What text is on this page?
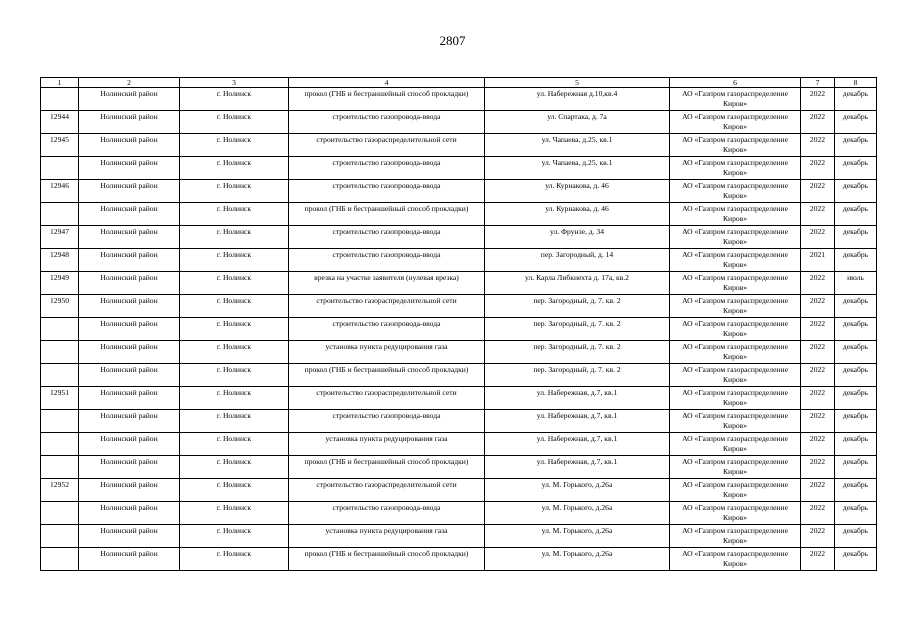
2807
1	2	3	4	5	6	7	8
	Нолинский район	г. Нолинск	прокол (ГНБ и бестраншейный способ прокладки)	ул. Набережная д.10,кв.4	АО «Газпром газораспределение Киров»	2022	декабрь
12944	Нолинский район	г. Нолинск	строительство газопровода-ввода	ул. Спартака, д. 7а	АО «Газпром газораспределение Киров»	2022	декабрь
12945	Нолинский район	г. Нолинск	строительство газораспределительной сети	ул. Чапаева, д.25, кв.1	АО «Газпром газораспределение Киров»	2022	декабрь
	Нолинский район	г. Нолинск	строительство газопровода-ввода	ул. Чапаева, д.25, кв.1	АО «Газпром газораспределение Киров»	2022	декабрь
12946	Нолинский район	г. Нолинск	строительство газопровода-ввода	ул. Курнакова, д. 46	АО «Газпром газораспределение Киров»	2022	декабрь
	Нолинский район	г. Нолинск	прокол (ГНБ и бестраншейный способ прокладки)	ул. Курнакова, д. 46	АО «Газпром газораспределение Киров»	2022	декабрь
12947	Нолинский район	г. Нолинск	строительство газопровода-ввода	ул. Фрунзе, д. 34	АО «Газпром газораспределение Киров»	2022	декабрь
12948	Нолинский район	г. Нолинск	строительство газопровода-ввода	пер. Загородный, д. 14	АО «Газпром газораспределение Киров»	2021	декабрь
12949	Нолинский район	г. Нолинск	врезка на участке заявителя (нулевая врезка)	ул. Карла Либкнехта д. 17а, кв.2	АО «Газпром газораспределение Киров»	2022	июль
12950	Нолинский район	г. Нолинск	строительство газораспределительной сети	пер. Загородный, д. 7. кв. 2	АО «Газпром газораспределение Киров»	2022	декабрь
	Нолинский район	г. Нолинск	строительство газопровода-ввода	пер. Загородный, д. 7. кв. 2	АО «Газпром газораспределение Киров»	2022	декабрь
	Нолинский район	г. Нолинск	установка пункта редуцирования газа	пер. Загородный, д. 7. кв. 2	АО «Газпром газораспределение Киров»	2022	декабрь
	Нолинский район	г. Нолинск	прокол (ГНБ и бестраншейный способ прокладки)	пер. Загородный, д. 7. кв. 2	АО «Газпром газораспределение Киров»	2022	декабрь
12951	Нолинский район	г. Нолинск	строительство газораспределительной сети	ул. Набережная, д.7, кв.1	АО «Газпром газораспределение Киров»	2022	декабрь
	Нолинский район	г. Нолинск	строительство газопровода-ввода	ул. Набережная, д.7, кв.1	АО «Газпром газораспределение Киров»	2022	декабрь
	Нолинский район	г. Нолинск	установка пункта редуцирования газа	ул. Набережная, д.7, кв.1	АО «Газпром газораспределение Киров»	2022	декабрь
	Нолинский район	г. Нолинск	прокол (ГНБ и бестраншейный способ прокладки)	ул. Набережная, д.7, кв.1	АО «Газпром газораспределение Киров»	2022	декабрь
12952	Нолинский район	г. Нолинск	строительство газораспределительной сети	ул. М. Горького, д.26а	АО «Газпром газораспределение Киров»	2022	декабрь
	Нолинский район	г. Нолинск	строительство газопровода-ввода	ул. М. Горького, д.26а	АО «Газпром газораспределение Киров»	2022	декабрь
	Нолинский район	г. Нолинск	установка пункта редуцирования газа	ул. М. Горького, д.26а	АО «Газпром газораспределение Киров»	2022	декабрь
	Нолинский район	г. Нолинск	прокол (ГНБ и бестраншейный способ прокладки)	ул. М. Горького, д.26а	АО «Газпром газораспределение Киров»	2022	декабрь
